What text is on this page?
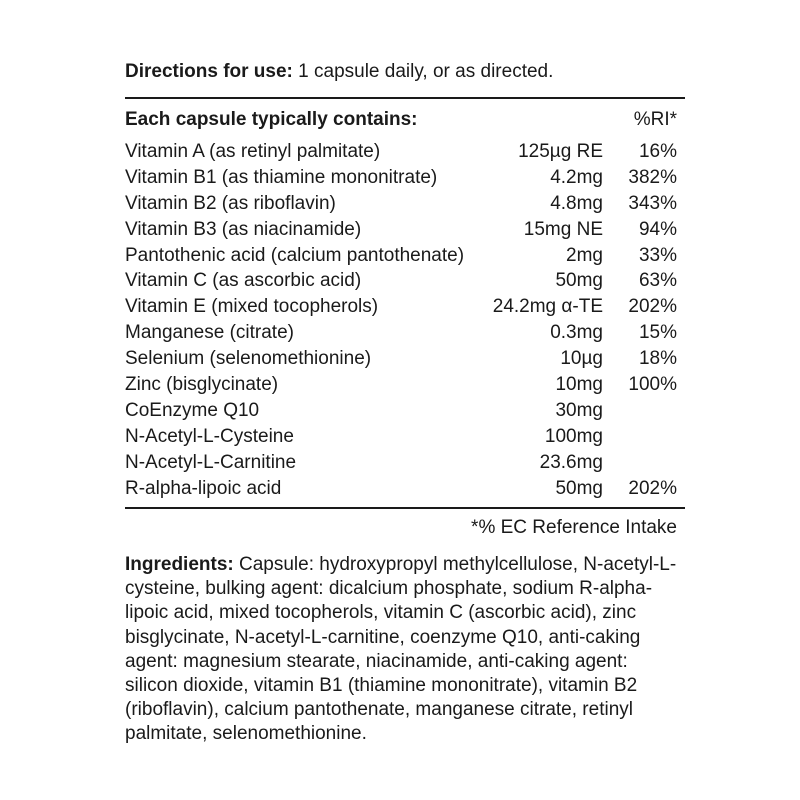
Directions for use: 1 capsule daily, or as directed.
Each capsule typically contains:	%RI*
Vitamin A (as retinyl palmitate)	125µg RE 16%
Vitamin B1 (as thiamine mononitrate)	4.2mg 382%
Vitamin B2 (as riboflavin)	4.8mg 343%
Vitamin B3 (as niacinamide)	15mg NE 94%
Pantothenic acid (calcium pantothenate)	2mg 33%
Vitamin C (as ascorbic acid)	50mg 63%
Vitamin E (mixed tocopherols)	24.2mg α-TE 202%
Manganese (citrate)	0.3mg 15%
Selenium (selenomethionine)	10µg 18%
Zinc (bisglycinate)	10mg 100%
CoEnzyme Q10	30mg
N-Acetyl-L-Cysteine	100mg
N-Acetyl-L-Carnitine	23.6mg
R-alpha-lipoic acid	50mg 202%
*% EC Reference Intake
Ingredients: Capsule: hydroxypropyl methylcellulose, N-acetyl-L-
cysteine, bulking agent: dicalcium phosphate, sodium R-alpha-
lipoic acid, mixed tocopherols, vitamin C (ascorbic acid), zinc
bisglycinate, N-acetyl-L-carnitine, coenzyme Q10, anti-caking
agent: magnesium stearate, niacinamide, anti-caking agent:
silicon dioxide, vitamin B1 (thiamine mononitrate), vitamin B2
(riboflavin), calcium pantothenate, manganese citrate, retinyl
palmitate, selenomethionine.
